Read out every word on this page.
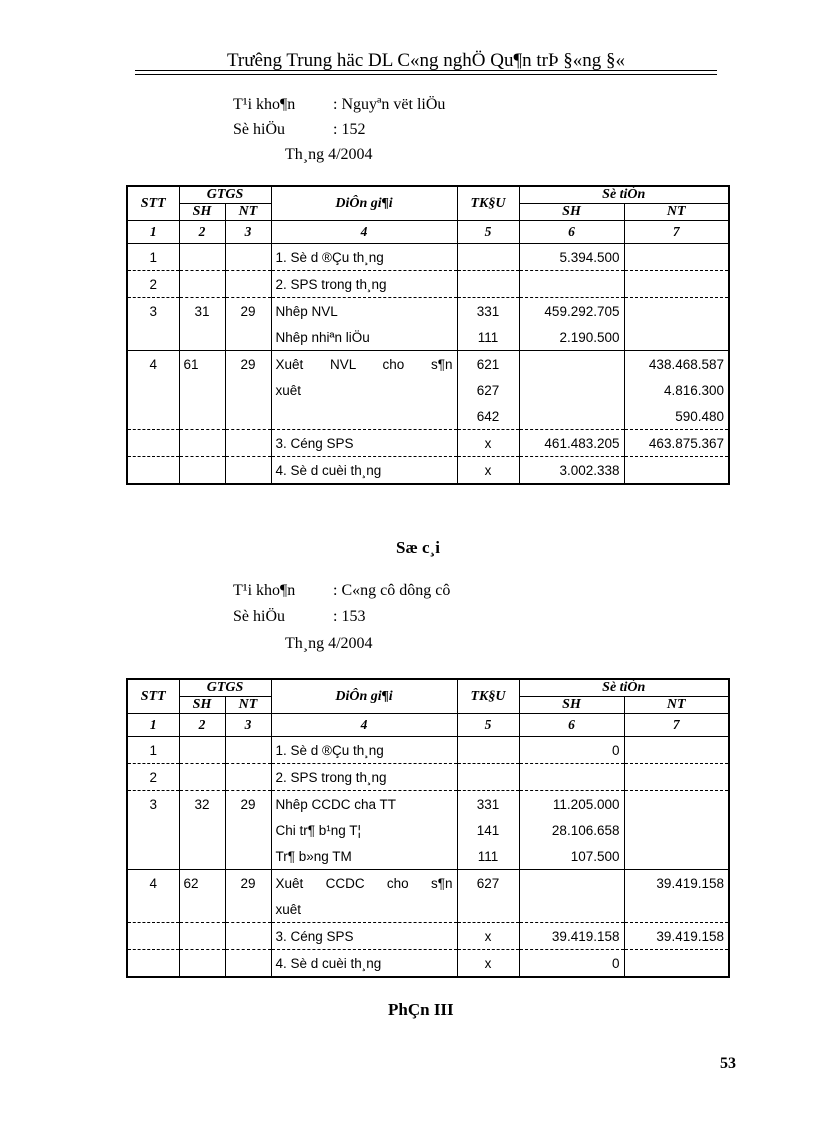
Trưêng Trung häc DL C«ng nghÖ Qu¶n trÞ §«ng §«
T¹i kho¶n : Nguyªn vët liÖu
Sè hiÖu	: 152
Th¸ng 4/2004
STT	GTGS		DiÔn gi¶i	TK§U	Sè tiÒn	
	SH	NT			SH	NT
1	2	3	4	5	6	7
1			1. Sè d ®Çu th¸ng		5.394.500	
2			2. SPS trong th¸ng			
3	31	29	Nhêp NVL	331	459.292.705	
			Nhêp nhiªn liÖu	111	2.190.500	
4	61	29	Xuêt NVL cho s¶n	621		438.468.587
			xuêt	627		4.816.300
				642		590.480
			3. Céng SPS	x	461.483.205	463.875.367
			4. Sè d cuèi th¸ng	x	3.002.338	
Sæ c¸i
T¹i kho¶n : C«ng cô dông cô
Sè hiÖu	: 153
Th¸ng 4/2004
STT	GTGS		DiÔn gi¶i	TK§U	Sè tiÒn	
	SH	NT			SH	NT
1	2	3	4	5	6	7
1			1. Sè d ®Çu th¸ng		0	
2			2. SPS trong th¸ng			
3	32	29	Nhêp CCDC cha TT	331	11.205.000	
			Chi tr¶ b¹ng T¦	141	28.106.658	
			Tr¶ b»ng TM	111	107.500	
4	62	29	Xuêt CCDC cho s¶n	627		39.419.158
			xuêt			
			3. Céng SPS	x	39.419.158	39.419.158
			4. Sè d cuèi th¸ng	x	0	
PhÇn III
53
